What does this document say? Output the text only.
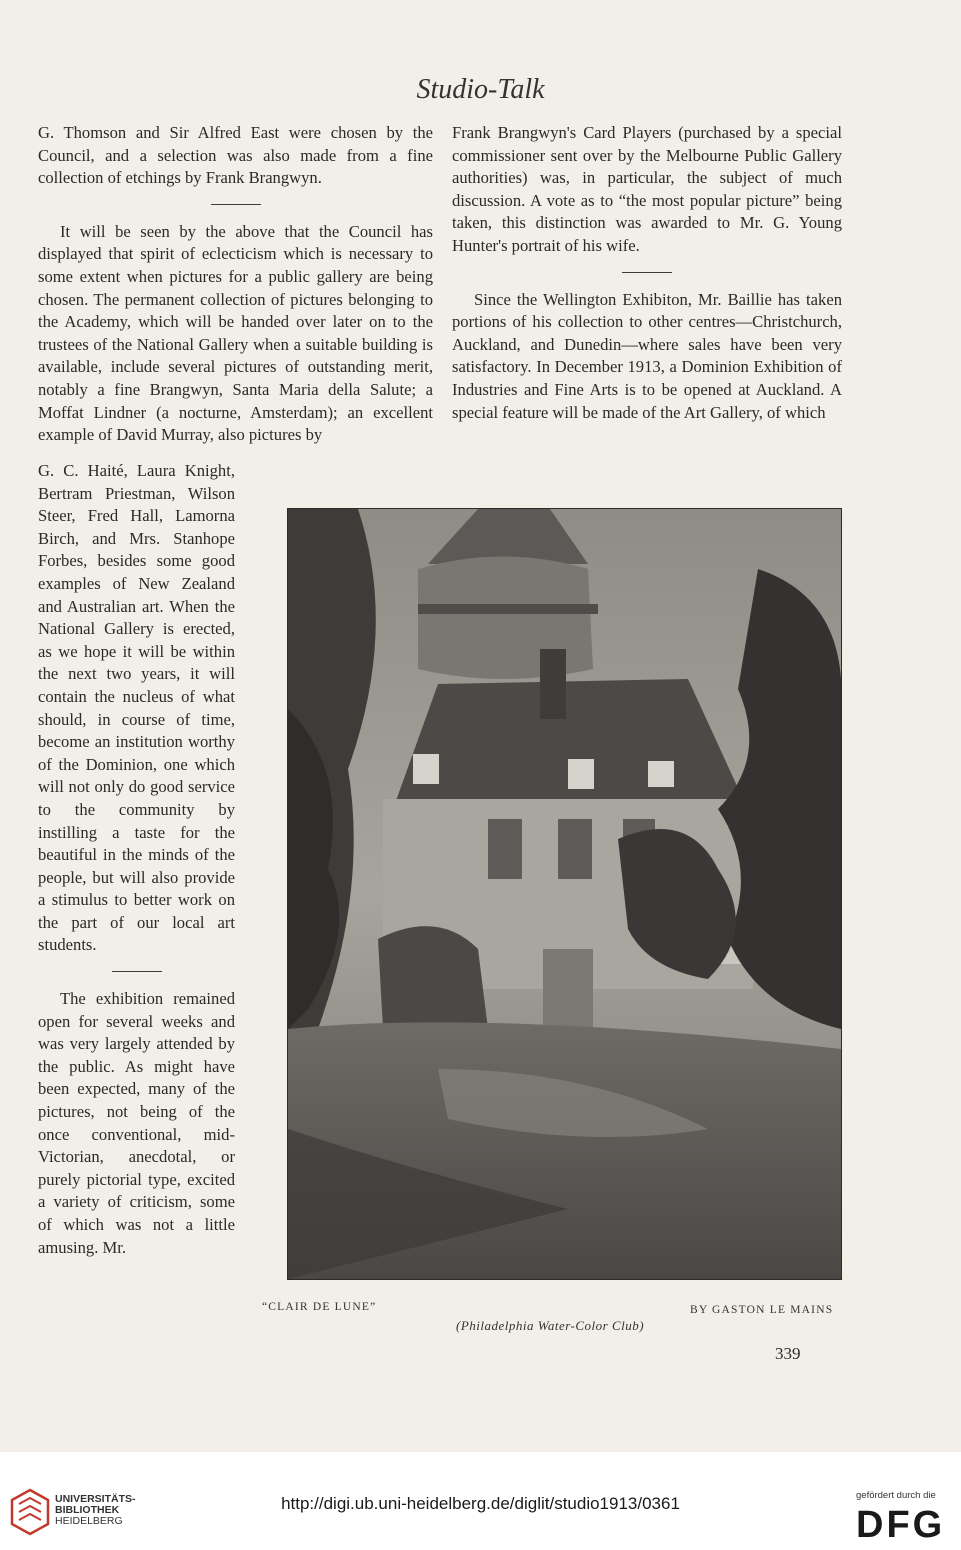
Studio-Talk

G. Thomson and Sir Alfred East were chosen by the Council, and a selection was also made from a fine collection of etchings by Frank Brangwyn.

It will be seen by the above that the Council has displayed that spirit of eclecticism which is necessary to some extent when pictures for a public gallery are being chosen. The permanent collection of pictures belonging to the Academy, which will be handed over later on to the trustees of the National Gallery when a suitable building is available, include several pictures of outstanding merit, notably a fine Brangwyn, Santa Maria della Salute; a Moffat Lindner (a nocturne, Amsterdam); an excellent example of David Murray, also pictures by

G. C. Haité, Laura Knight, Bertram Priestman, Wilson Steer, Fred Hall, Lamorna Birch, and Mrs. Stanhope Forbes, besides some good examples of New Zealand and Australian art. When the National Gallery is erected, as we hope it will be within the next two years, it will contain the nucleus of what should, in course of time, become an institution worthy of the Dominion, one which will not only do good service to the community by instilling a taste for the beautiful in the minds of the people, but will also provide a stimulus to better work on the part of our local art students.

The exhibition remained open for several weeks and was very largely attended by the public. As might have been expected, many of the pictures, not being of the once conventional, mid-Victorian, anecdotal, or purely pictorial type, excited a variety of criticism, some of which was not a little amusing. Mr.

Frank Brangwyn's Card Players (purchased by a special commissioner sent over by the Melbourne Public Gallery authorities) was, in particular, the subject of much discussion. A vote as to “the most popular picture” being taken, this distinction was awarded to Mr. G. Young Hunter's portrait of his wife.

Since the Wellington Exhibiton, Mr. Baillie has taken portions of his collection to other centres—Christchurch, Auckland, and Dunedin—where sales have been very satisfactory. In December 1913, a Dominion Exhibition of Industries and Fine Arts is to be opened at Auckland. A special feature will be made of the Art Gallery, of which

“CLAIR DE LUNE”	BY GASTON LE MAINS
(Philadelphia Water-Color Club)
339
UNIVERSITÄTS-
BIBLIOTHEK
HEIDELBERG
http://digi.ub.uni-heidelberg.de/diglit/studio1913/0361	gefördert durch die
DFG
